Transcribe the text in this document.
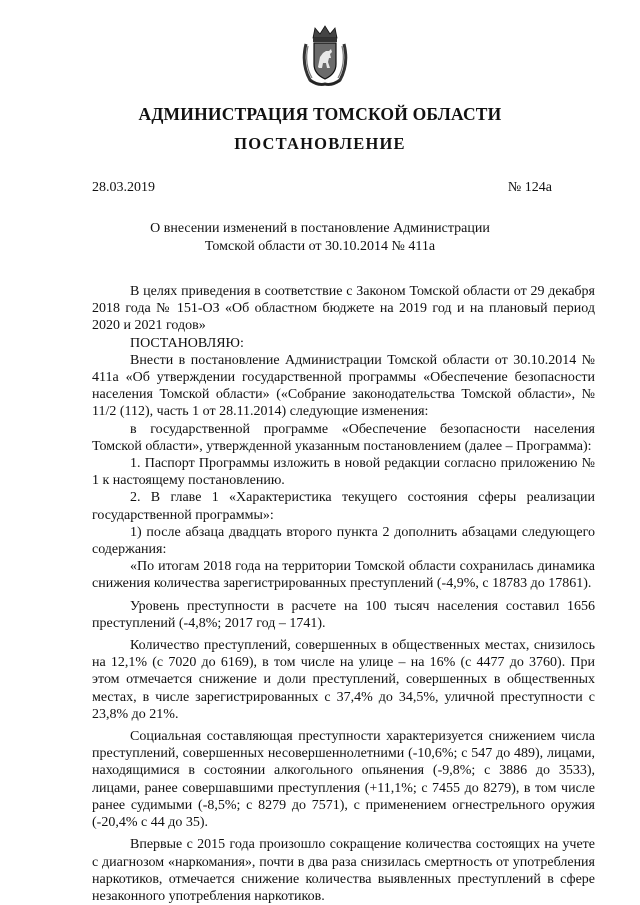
АДМИНИСТРАЦИЯ ТОМСКОЙ ОБЛАСТИ
ПОСТАНОВЛЕНИЕ
28.03.2019	№ 124а
О внесении изменений в постановление Администрации
Томской области от 30.10.2014 № 411а

В целях приведения в соответствие с Законом Томской области от 29 декабря 2018 года № 151-ОЗ «Об областном бюджете на 2019 год и на плановый период 2020 и 2021 годов»

ПОСТАНОВЛЯЮ:

Внести в постановление Администрации Томской области от 30.10.2014 № 411а «Об утверждении государственной программы «Обеспечение безопасности населения Томской области» («Собрание законодательства Томской области», № 11/2 (112), часть 1 от 28.11.2014) следующие изменения:

в государственной программе «Обеспечение безопасности населения Томской области», утвержденной указанным постановлением (далее – Программа):

1. Паспорт Программы изложить в новой редакции согласно приложению № 1 к настоящему постановлению.

2. В главе 1 «Характеристика текущего состояния сферы реализации государственной программы»:

1) после абзаца двадцать второго пункта 2 дополнить абзацами следующего содержания:

«По итогам 2018 года на территории Томской области сохранилась динамика снижения количества зарегистрированных преступлений (-4,9%, с 18783 до 17861).

Уровень преступности в расчете на 100 тысяч населения составил 1656 преступлений (-4,8%; 2017 год – 1741).

Количество преступлений, совершенных в общественных местах, снизилось на 12,1% (с 7020 до 6169), в том числе на улице – на 16% (с 4477 до 3760). При этом отмечается снижение и доли преступлений, совершенных в общественных местах, в числе зарегистрированных с 37,4% до 34,5%, уличной преступности с 23,8% до 21%.

Социальная составляющая преступности характеризуется снижением числа преступлений, совершенных несовершеннолетними (-10,6%; с 547 до 489), лицами, находящимися в состоянии алкогольного опьянения (-9,8%; с 3886 до 3533), лицами, ранее совершавшими преступления (+11,1%; с 7455 до 8279), в том числе ранее судимыми (-8,5%; с 8279 до 7571), с применением огнестрельного оружия (-20,4% с 44 до 35).

Впервые с 2015 года произошло сокращение количества состоящих на учете с диагнозом «наркомания», почти в два раза снизилась смертность от употребления наркотиков, отмечается снижение количества выявленных преступлений в сфере незаконного употребления наркотиков.
